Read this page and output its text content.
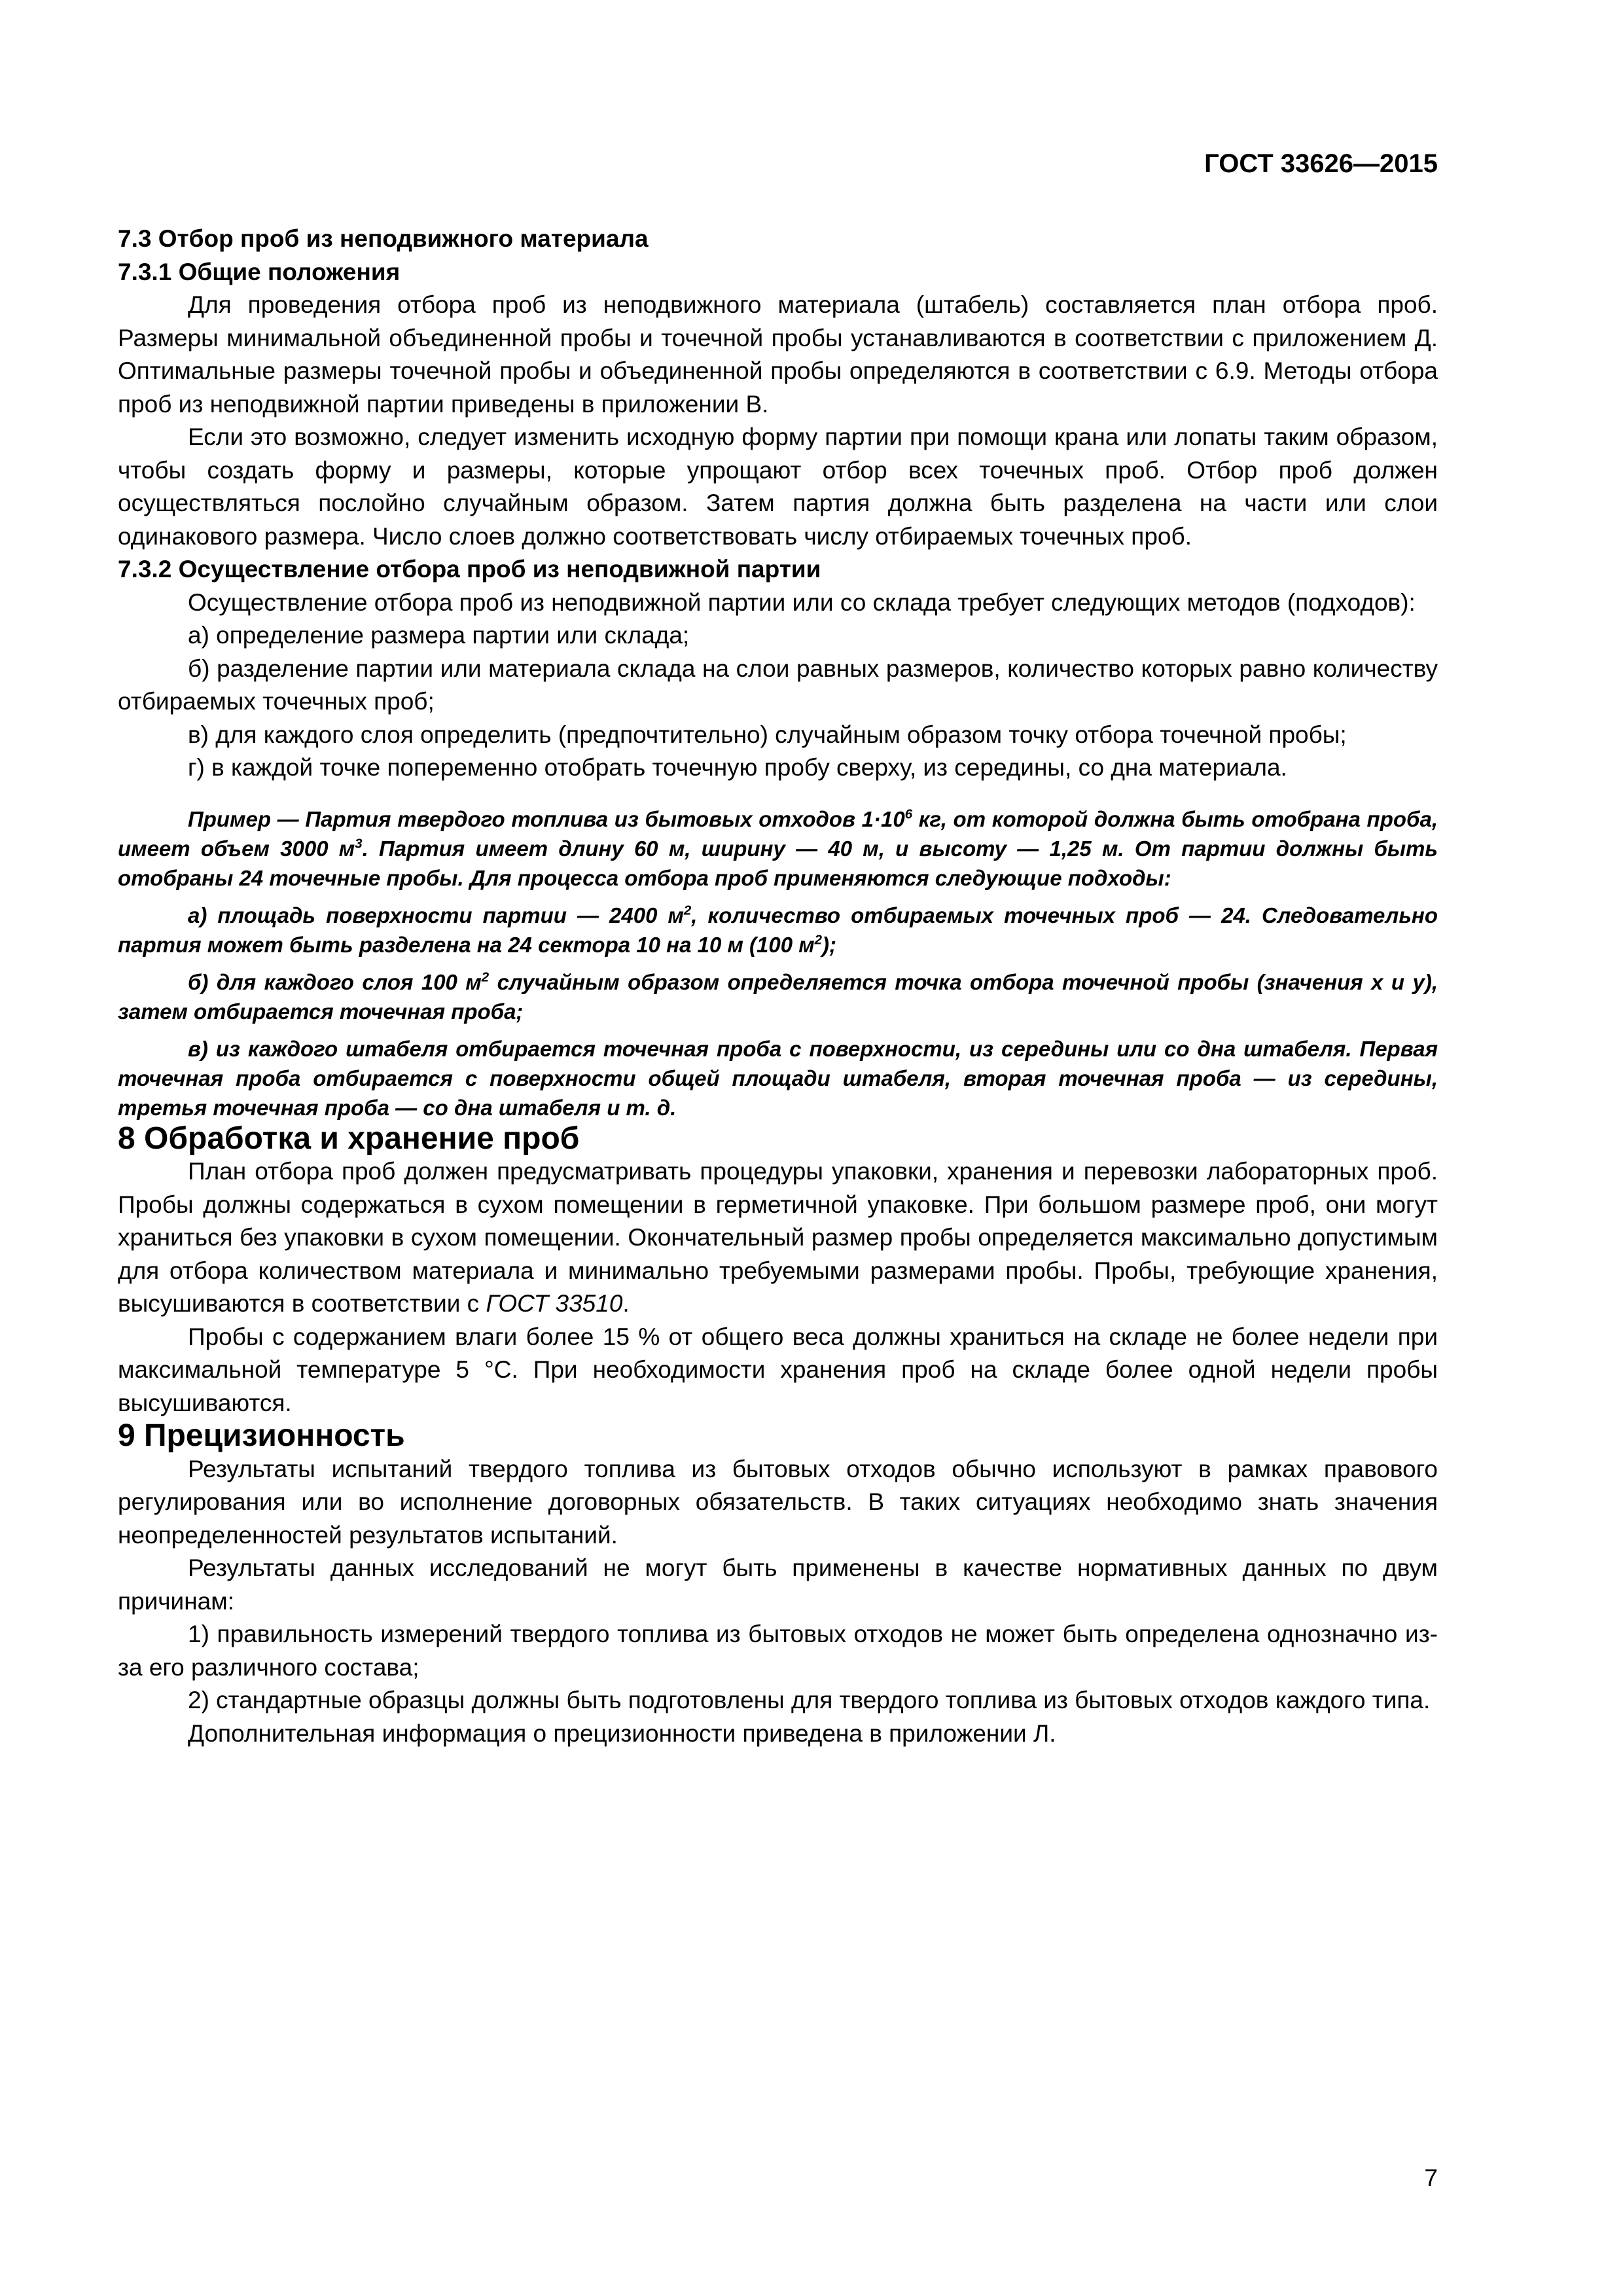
ГОСТ 33626—2015

7.3 Отбор проб из неподвижного материала

7.3.1 Общие положения

Для проведения отбора проб из неподвижного материала (штабель) составляется план отбора проб. Размеры минимальной объединенной пробы и точечной пробы устанавливаются в соответствии с приложением Д. Оптимальные размеры точечной пробы и объединенной пробы определяются в соответствии с 6.9. Методы отбора проб из неподвижной партии приведены в приложении В.

Если это возможно, следует изменить исходную форму партии при помощи крана или лопаты таким образом, чтобы создать форму и размеры, которые упрощают отбор всех точечных проб. Отбор проб должен осуществляться послойно случайным образом. Затем партия должна быть разделена на части или слои одинакового размера. Число слоев должно соответствовать числу отбираемых точечных проб.

7.3.2 Осуществление отбора проб из неподвижной партии

Осуществление отбора проб из неподвижной партии или со склада требует следующих методов (подходов):

а) определение размера партии или склада;

б) разделение партии или материала склада на слои равных размеров, количество которых равно количеству отбираемых точечных проб;

в) для каждого слоя определить (предпочтительно) случайным образом точку отбора точечной пробы;

г) в каждой точке попеременно отобрать точечную пробу сверху, из середины, со дна материала.

Пример — Партия твердого топлива из бытовых отходов $1\cdot 10^6$ кг, от которой должна быть отобрана проба, имеет объем 3000 $м^3$. Партия имеет длину 60 м, ширину — 40 м, и высоту — 1,25 м. От партии должны быть отобраны 24 точечные пробы. Для процесса отбора проб применяются следующие подходы:

а) площадь поверхности партии — 2400 $м^2$, количество отбираемых точечных проб — 24. Следовательно партия может быть разделена на 24 сектора 10 на 10 м (100 $м^2$);

б) для каждого слоя 100 $м^2$ случайным образом определяется точка отбора точечной пробы (значения x и y), затем отбирается точечная проба;

в) из каждого штабеля отбирается точечная проба с поверхности, из середины или со дна штабеля. Первая точечная проба отбирается с поверхности общей площади штабеля, вторая точечная проба — из середины, третья точечная проба — со дна штабеля и т. д.

8 Обработка и хранение проб

План отбора проб должен предусматривать процедуры упаковки, хранения и перевозки лабораторных проб. Пробы должны содержаться в сухом помещении в герметичной упаковке. При большом размере проб, они могут храниться без упаковки в сухом помещении. Окончательный размер пробы определяется максимально допустимым для отбора количеством материала и минимально требуемыми размерами пробы. Пробы, требующие хранения, высушиваются в соответствии с ГОСТ 33510.

Пробы с содержанием влаги более 15 % от общего веса должны храниться на складе не более недели при максимальной температуре 5 °С. При необходимости хранения проб на складе более одной недели пробы высушиваются.

9 Прецизионность

Результаты испытаний твердого топлива из бытовых отходов обычно используют в рамках правового регулирования или во исполнение договорных обязательств. В таких ситуациях необходимо знать значения неопределенностей результатов испытаний.

Результаты данных исследований не могут быть применены в качестве нормативных данных по двум причинам:

1) правильность измерений твердого топлива из бытовых отходов не может быть определена однозначно из-за его различного состава;

2) стандартные образцы должны быть подготовлены для твердого топлива из бытовых отходов каждого типа.

Дополнительная информация о прецизионности приведена в приложении Л.

7
